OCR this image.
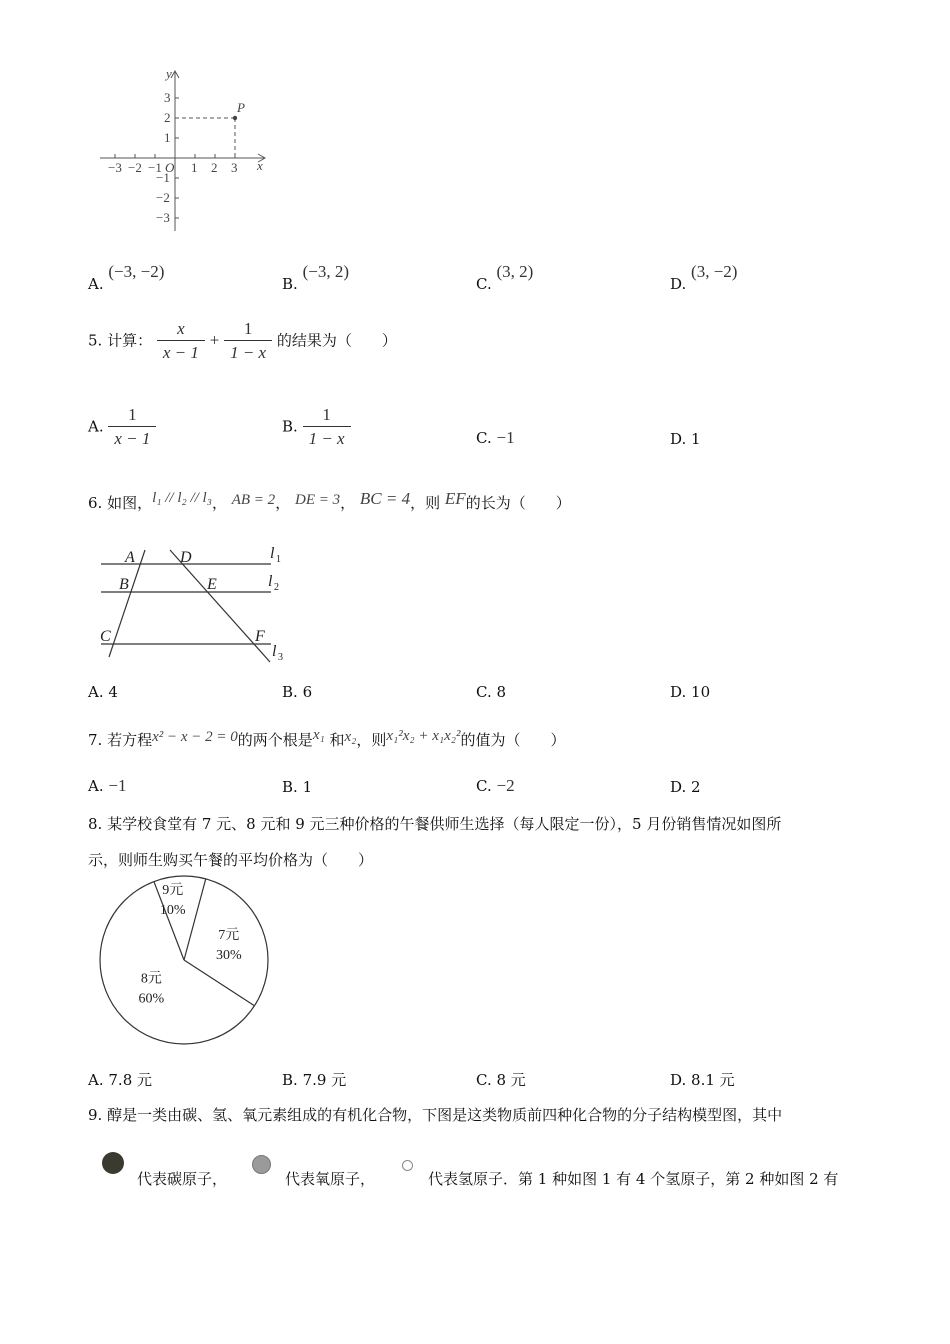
−3 −2 −1 1 2 3
3
2
1
−1
−2
−3
O	x
y
P
A. (−3, −2)
B. (−3, 2)
C. (3, 2)
D. (3, −2)
5. 计算： $\frac{x}{x - 1} + \frac{1}{1 - x}$ 的结果为（　　）
A. $\frac{1}{x - 1}$	B. $\frac{1}{1 - x}$	C. −1	D. 1
6. 如图，l₁ // l₂ // l₃， AB = 2， DE = 3， BC = 4，则 EF的长为（　　）
A
B
C
D
E
F
l
l
l
1
2
3
A. 4	B. 6	C. 8	D. 10
7. 若方程x² − x − 2 = 0的两个根是x₁ 和x₂，则x₁²x₂ + x₁x₂²的值为（　　）
A. −1	B. 1	C. −2	D. 2
8. 某学校食堂有 7 元、8 元和 9 元三种价格的午餐供师生选择（每人限定一份），5 月份销售情况如图所
示，则师生购买午餐的平均价格为（　　）
9元
10%
7元
30%
8元
60%
A. 7.8 元	B. 7.9 元	C. 8 元	D. 8.1 元
9. 醇是一类由碳、氢、氧元素组成的有机化合物，下图是这类物质前四种化合物的分子结构模型图，其中
代表碳原子，	代表氧原子，	代表氢原子．第 1 种如图 1 有 4 个氢原子，第 2 种如图 2 有
